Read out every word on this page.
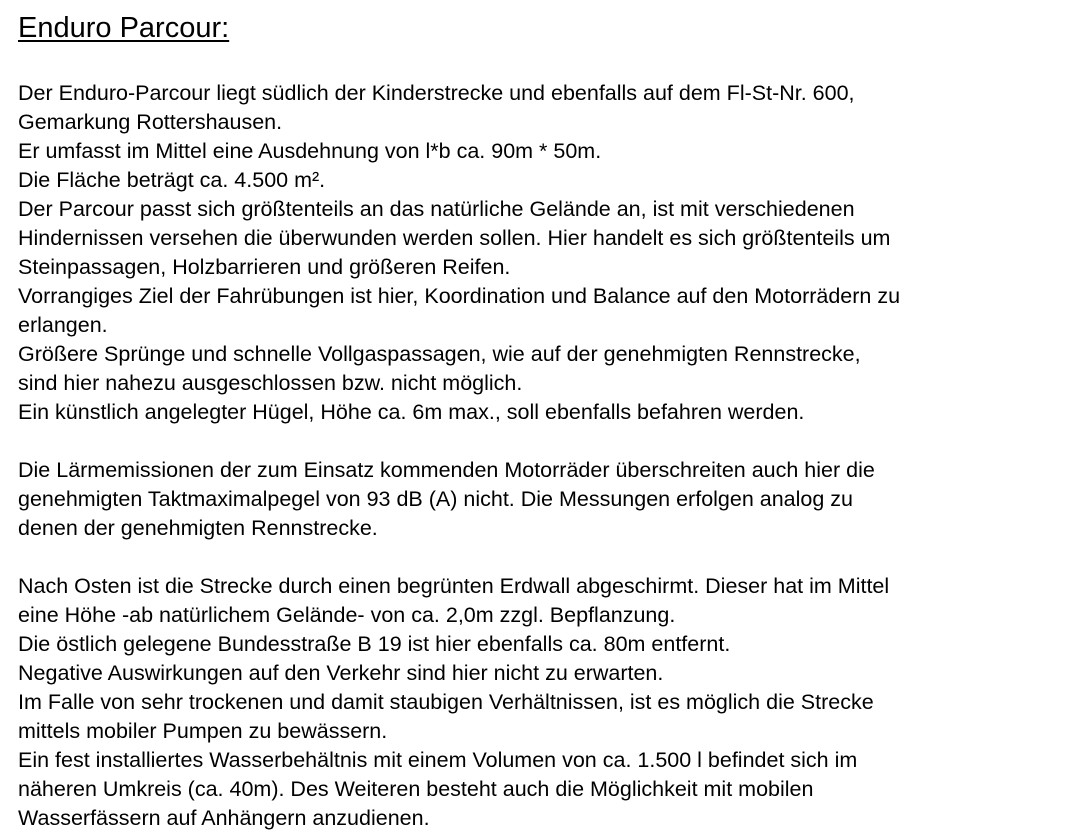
Enduro Parcour:
Der Enduro-Parcour liegt südlich der Kinderstrecke und ebenfalls auf dem Fl-St-Nr. 600,
Gemarkung Rottershausen.
Er umfasst im Mittel eine Ausdehnung von l*b ca. 90m * 50m.
Die Fläche beträgt ca. 4.500 m².
Der Parcour passt sich größtenteils an das natürliche Gelände an, ist mit verschiedenen
Hindernissen versehen die überwunden werden sollen. Hier handelt es sich größtenteils um
Steinpassagen, Holzbarrieren und größeren Reifen.
Vorrangiges Ziel der Fahrübungen ist hier, Koordination und Balance auf den Motorrädern zu
erlangen.
Größere Sprünge und schnelle Vollgaspassagen, wie auf der genehmigten Rennstrecke,
sind hier nahezu ausgeschlossen bzw. nicht möglich.
Ein künstlich angelegter Hügel, Höhe ca. 6m max., soll ebenfalls befahren werden.
Die Lärmemissionen der zum Einsatz kommenden Motorräder überschreiten auch hier die
genehmigten Taktmaximalpegel von 93 dB (A) nicht. Die Messungen erfolgen analog zu
denen der genehmigten Rennstrecke.
Nach Osten ist die Strecke durch einen begrünten Erdwall abgeschirmt. Dieser hat im Mittel
eine Höhe -ab natürlichem Gelände- von ca. 2,0m zzgl. Bepflanzung.
Die östlich gelegene Bundesstraße B 19 ist hier ebenfalls ca. 80m entfernt.
Negative Auswirkungen auf den Verkehr sind hier nicht zu erwarten.
Im Falle von sehr trockenen und damit staubigen Verhältnissen, ist es möglich die Strecke
mittels mobiler Pumpen zu bewässern.
Ein fest installiertes Wasserbehältnis mit einem Volumen von ca. 1.500 l befindet sich im
näheren Umkreis (ca. 40m). Des Weiteren besteht auch die Möglichkeit mit mobilen
Wasserfässern auf Anhängern anzudienen.
